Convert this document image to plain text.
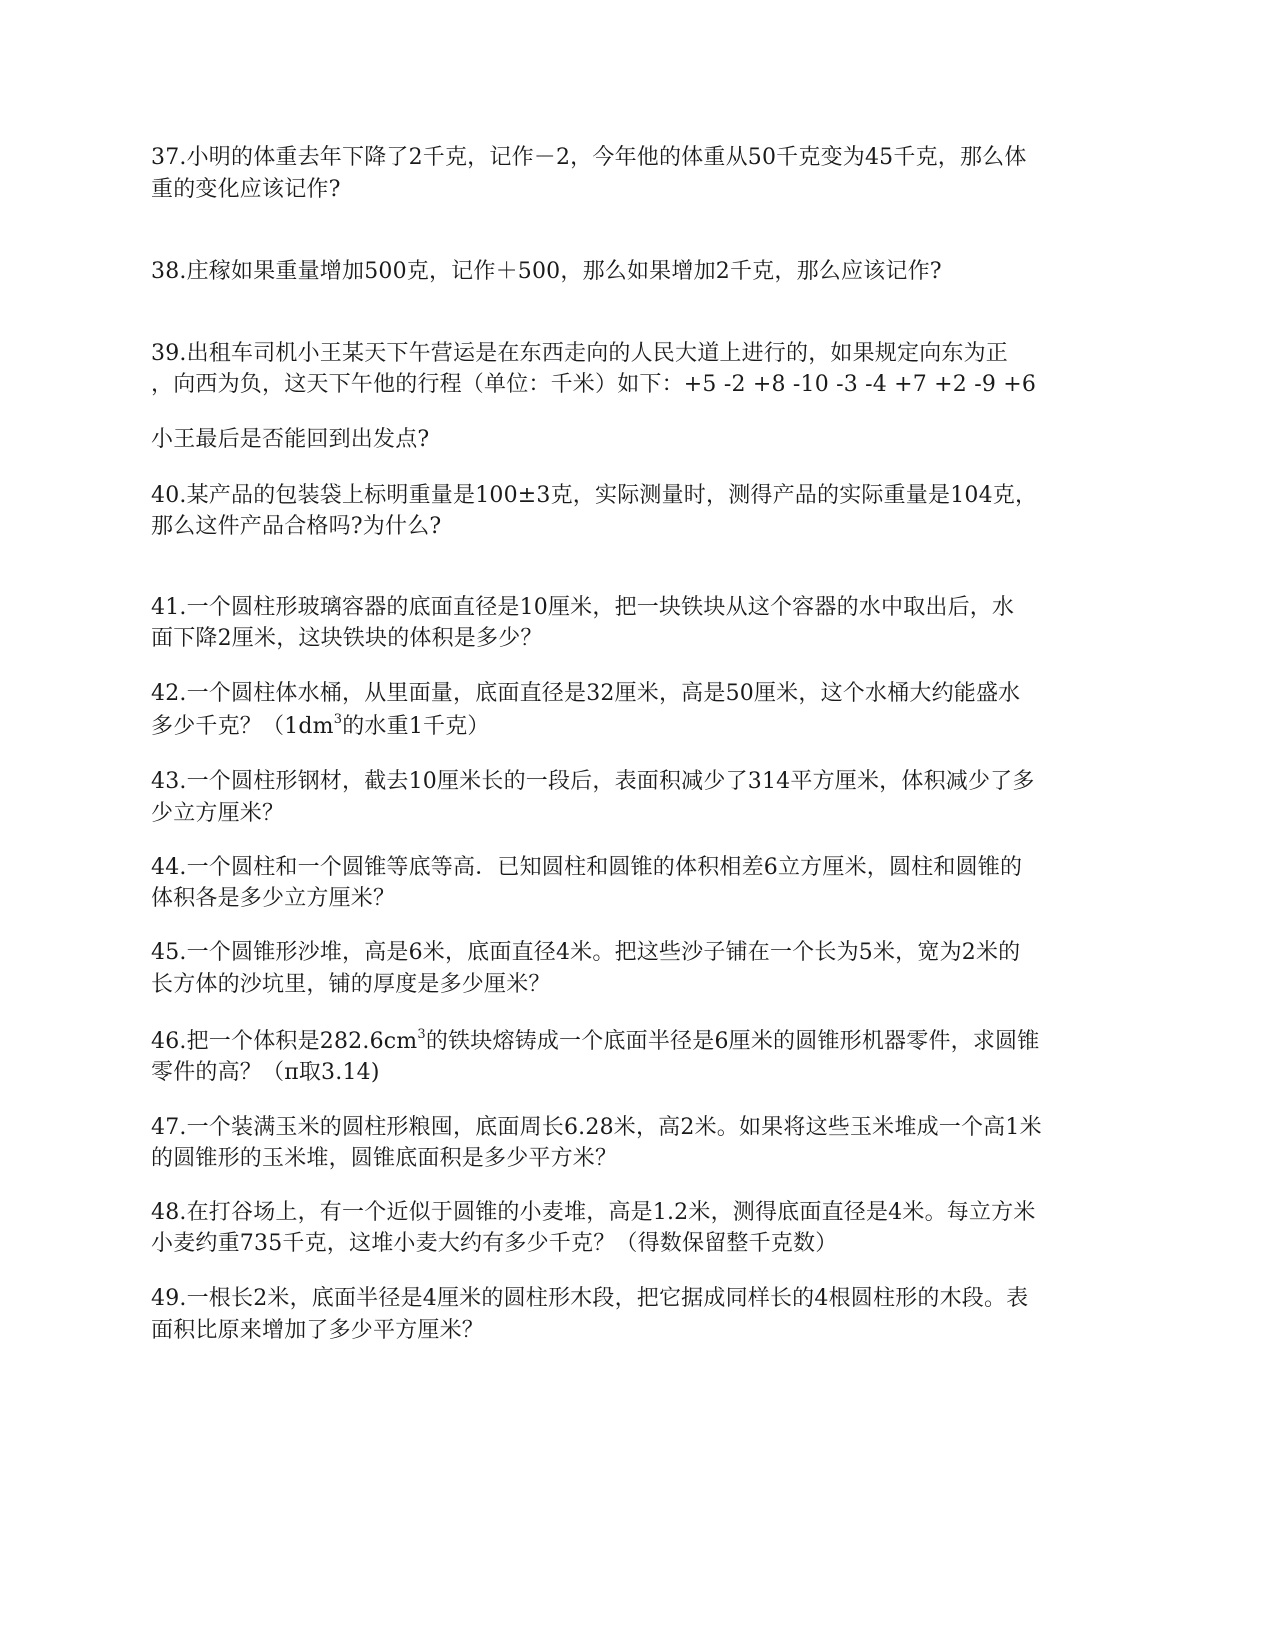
37.小明的体重去年下降了2千克，记作－2，今年他的体重从50千克变为45千克，那么体
重的变化应该记作?
38.庄稼如果重量增加500克，记作＋500，那么如果增加2千克，那么应该记作?
39.出租车司机小王某天下午营运是在东西走向的人民大道上进行的，如果规定向东为正
，向西为负，这天下午他的行程（单位：千米）如下：+5 -2 +8 -10 -3 -4 +7 +2 -9 +6
小王最后是否能回到出发点?
40.某产品的包装袋上标明重量是100±3克，实际测量时，测得产品的实际重量是104克，
那么这件产品合格吗?为什么?
41.一个圆柱形玻璃容器的底面直径是10厘米，把一块铁块从这个容器的水中取出后，水
面下降2厘米，这块铁块的体积是多少？
42.一个圆柱体水桶，从里面量，底面直径是32厘米，高是50厘米，这个水桶大约能盛水
多少千克？（$1dm^3$的水重1千克）
43.一个圆柱形钢材，截去10厘米长的一段后，表面积减少了314平方厘米，体积减少了多
少立方厘米？
44.一个圆柱和一个圆锥等底等高．已知圆柱和圆锥的体积相差6立方厘米，圆柱和圆锥的
体积各是多少立方厘米？
45.一个圆锥形沙堆，高是6米，底面直径4米。把这些沙子铺在一个长为5米，宽为2米的
长方体的沙坑里，铺的厚度是多少厘米？
46.把一个体积是$282.6cm^3$的铁块熔铸成一个底面半径是6厘米的圆锥形机器零件，求圆锥
零件的高？（π取3.14)
47.一个装满玉米的圆柱形粮囤，底面周长6.28米，高2米。如果将这些玉米堆成一个高1米
的圆锥形的玉米堆，圆锥底面积是多少平方米？
48.在打谷场上，有一个近似于圆锥的小麦堆，高是1.2米，测得底面直径是4米。每立方米
小麦约重735千克，这堆小麦大约有多少千克？（得数保留整千克数）
49.一根长2米，底面半径是4厘米的圆柱形木段，把它据成同样长的4根圆柱形的木段。表
面积比原来增加了多少平方厘米？
